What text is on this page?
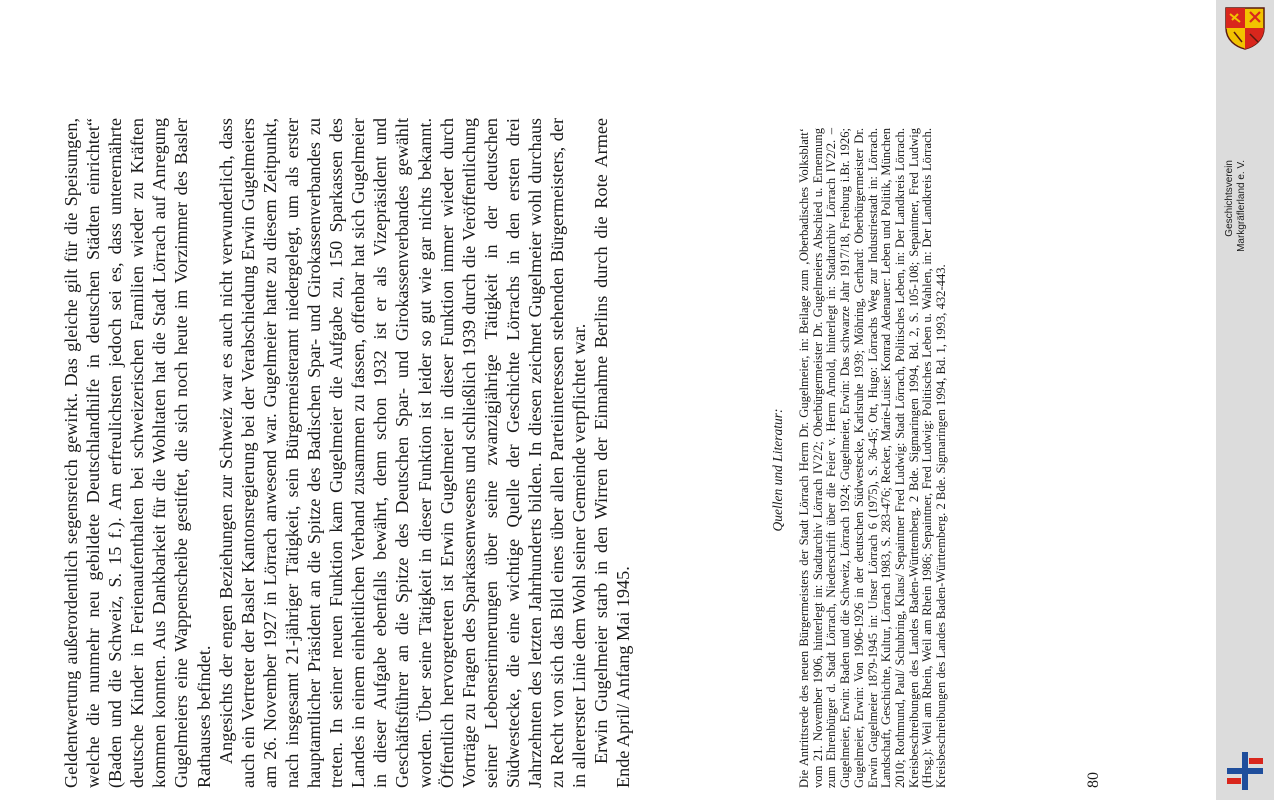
Geldentwertung außerordentlich segensreich gewirkt. Das gleiche gilt für die Speisungen, welche die nunmehr neu gebildete Deutschlandhilfe in deutschen Städten einrichtet“ (Baden und die Schweiz, S. 15 f.). Am erfreulichsten jedoch sei es, dass unterernährte deutsche Kinder in Ferienaufenthalten bei schweizerischen Familien wieder zu Kräften kommen konnten. Aus Dankbarkeit für die Wohltaten hat die Stadt Lörrach auf Anregung Gugelmeiers eine Wappenscheibe gestiftet, die sich noch heute im Vorzimmer des Basler Rathauses befindet. Angesichts der engen Beziehungen zur Schweiz war es auch nicht verwunderlich, dass auch ein Vertreter der Basler Kantonsregierung bei der Verabschiedung Erwin Gugelmeiers am 26. November 1927 in Lörrach anwesend war. Gugelmeier hatte zu diesem Zeitpunkt, nach insgesamt 21-jähriger Tätigkeit, sein Bürgermeisteramt niedergelegt, um als erster hauptamtlicher Präsident an die Spitze des Badischen Spar- und Girokassenverbandes zu treten. In seiner neuen Funktion kam Gugelmeier die Aufgabe zu, 150 Sparkassen des Landes in einem einheitlichen Verband zusammen zu fassen, offenbar hat sich Gugelmeier in dieser Aufgabe ebenfalls bewährt, denn schon 1932 ist er als Vizepräsident und Geschäftsführer an die Spitze des Deutschen Spar- und Girokassenverbandes gewählt worden. Über seine Tätigkeit in dieser Funktion ist leider so gut wie gar nichts bekannt. Öffentlich hervorgetreten ist Erwin Gugelmeier in dieser Funktion immer wieder durch Vorträge zu Fragen des Sparkassenwesens und schließlich 1939 durch die Veröffentlichung seiner Lebenserinnerungen über seine zwanzigjährige Tätigkeit in der deutschen Südwestecke, die eine wichtige Quelle der Geschichte Lörrachs in den ersten drei Jahrzehnten des letzten Jahrhunderts bilden. In diesen zeichnet Gugelmeier wohl durchaus zu Recht von sich das Bild eines über allen Parteiinteressen stehenden Bürgermeisters, der in allererster Linie dem Wohl seiner Gemeinde verpflichtet war. Erwin Gugelmeier starb in den Wirren der Einnahme Berlins durch die Rote Armee Ende April/ Anfang Mai 1945.

Quellen und Literatur: Die Antrittsrede des neuen Bürgermeisters der Stadt Lörrach Herrn Dr. Gugelmeier, in: Beilage zum ‚Oberbadisches Volksblatt‘ vom 21. November 1906, hinterlegt in: Stadtarchiv Lörrach IV2/2; Oberbürgermeister Dr. Gugelmeiers Abschied u. Ernennung zum Ehrenbürger d. Stadt Lörrach, Niederschrift über die Feier v. Herrn Arnold, hinterlegt in: Stadtarchiv Lörrach IV2/2. – Gugelmeier, Erwin: Baden und die Schweiz, Lörrach 1924; Gugelmeier, Erwin: Das schwarze Jahr 1917/18, Freiburg i.Br. 1926; Gugelmeier, Erwin: Von 1906-1926 in der deutschen Südwestecke, Karlsruhe 1939; Möhring, Gerhard: Oberbürgermeister Dr. Erwin Gugelmeier 1879-1945 in: Unser Lörrach 6 (1975), S. 36-45; Ott, Hugo: Lörrachs Weg zur Industriestadt in: Lörrach. Landschaft, Geschichte, Kultur, Lörrach 1983, S. 283-476; Recker, Marie-Luise: Konrad Adenauer: Leben und Politik, München 2010; Rothmund, Paul/ Schubring, Klaus/ Sepaintner Fred Ludwig: Stadt Lörrach, Politisches Leben, in: Der Landkreis Lörrach. Kreisbeschreibungen des Landes Baden-Württemberg. 2 Bde. Sigmaringen 1994, Bd. 2, S. 105-108; Sepaintner, Fred Ludwig (Hrsg.): Weil am Rhein, Weil am Rhein 1986; Sepaintner, Fred Ludwig: Politisches Leben u. Wahlen, in: Der Landkreis Lörrach. Kreisbeschreibungen des Landes Baden-Württemberg. 2 Bde. Sigmaringen 1994, Bd. 1, 1993, 432-443.	80

Geschichtsverein Markgräflerland e. V.
